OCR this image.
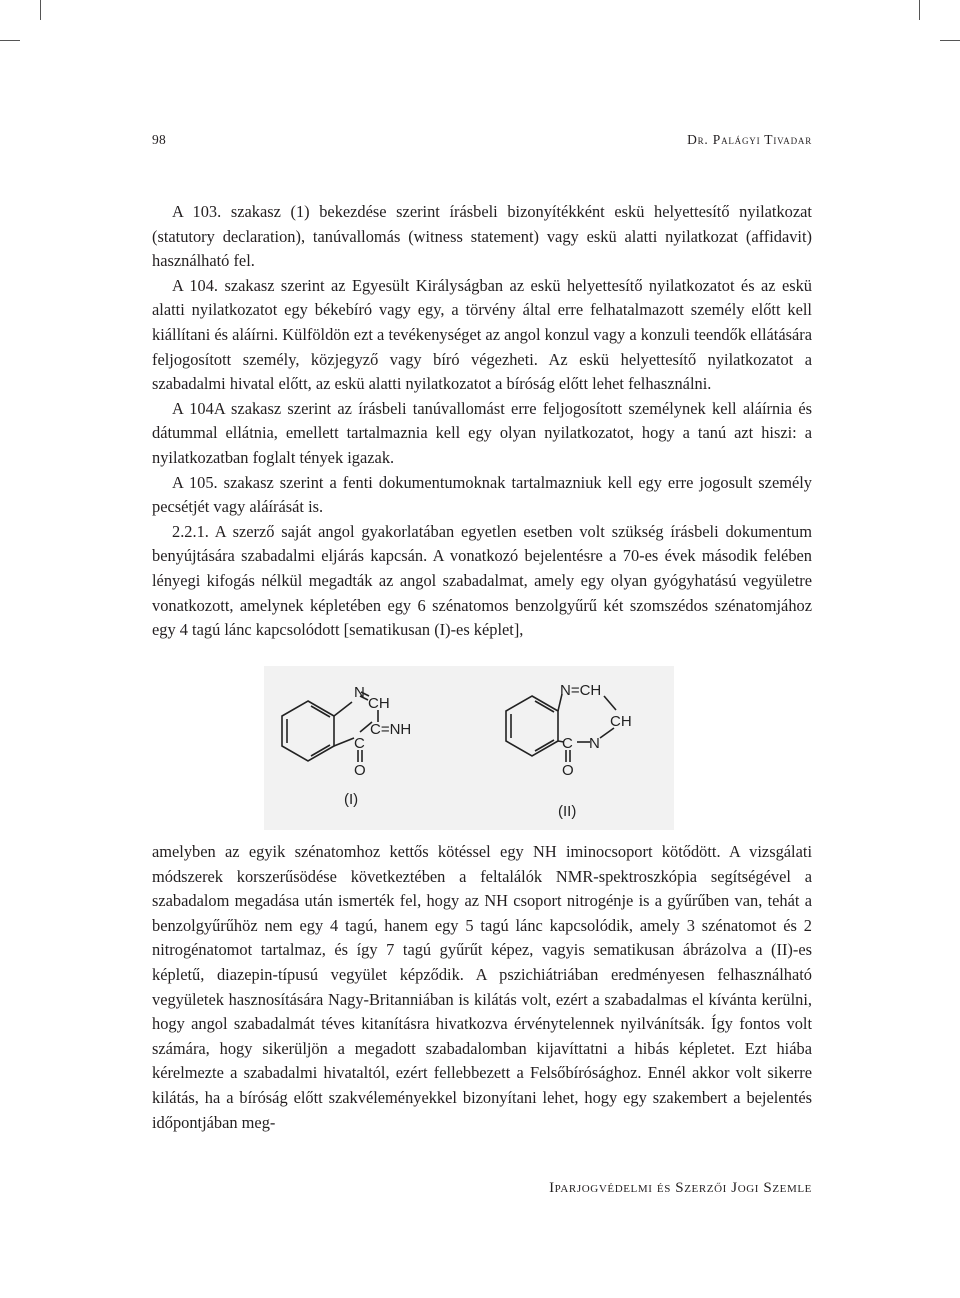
98	Dr. Palágyi Tivadar

A 103. szakasz (1) bekezdése szerint írásbeli bizonyítékként eskü helyettesítő nyilatkozat (statutory declaration), tanúvallomás (witness statement) vagy eskü alatti nyilatkozat (affidavit) használható fel.

A 104. szakasz szerint az Egyesült Királyságban az eskü helyettesítő nyilatkozatot és az eskü alatti nyilatkozatot egy békebíró vagy egy, a törvény által erre felhatalmazott személy előtt kell kiállítani és aláírni. Külföldön ezt a tevékenységet az angol konzul vagy a konzuli teendők ellátására feljogosított személy, közjegyző vagy bíró végezheti. Az eskü helyettesítő nyilatkozatot a szabadalmi hivatal előtt, az eskü alatti nyilatkozatot a bíróság előtt lehet felhasználni.

A 104A szakasz szerint az írásbeli tanúvallomást erre feljogosított személynek kell aláírnia és dátummal ellátnia, emellett tartalmaznia kell egy olyan nyilatkozatot, hogy a tanú azt hiszi: a nyilatkozatban foglalt tények igazak.

A 105. szakasz szerint a fenti dokumentumoknak tartalmazniuk kell egy erre jogosult személy pecsétjét vagy aláírását is.

2.2.1. A szerző saját angol gyakorlatában egyetlen esetben volt szükség írásbeli dokumentum benyújtására szabadalmi eljárás kapcsán. A vonatkozó bejelentésre a 70-es évek második felében lényegi kifogás nélkül megadták az angol szabadalmat, amely egy olyan gyógyhatású vegyületre vonatkozott, amelynek képletében egy 6 szénatomos benzolgyűrű két szomszédos szénatomjához egy 4 tagú lánc kapcsolódott [sematikusan (I)-es képlet],

N
CH
C=NH
C
O
(I)
N=CH
CH
C N
O
(II)

amelyben az egyik szénatomhoz kettős kötéssel egy NH iminocsoport kötődött. A vizsgálati módszerek korszerűsödése következtében a feltalálók NMR-spektroszkópia segítségével a szabadalom megadása után ismerték fel, hogy az NH csoport nitrogénje is a gyűrűben van, tehát a benzolgyűrűhöz nem egy 4 tagú, hanem egy 5 tagú lánc kapcsolódik, amely 3 szénatomot és 2 nitrogénatomot tartalmaz, és így 7 tagú gyűrűt képez, vagyis sematikusan ábrázolva a (II)-es képletű, diazepin-típusú vegyület képződik. A pszichiátriában eredményesen felhasználható vegyületek hasznosítására Nagy-Britanniában is kilátás volt, ezért a szabadalmas el kívánta kerülni, hogy angol szabadalmát téves kitanításra hivatkozva érvénytelennek nyilvánítsák. Így fontos volt számára, hogy sikerüljön a megadott szabadalomban kijavíttatni a hibás képletet. Ezt hiába kérelmezte a szabadalmi hivataltól, ezért fellebbezett a Felsőbírósághoz. Ennél akkor volt sikerre kilátás, ha a bíróság előtt szakvéleményekkel bizonyítani lehet, hogy egy szakembert a bejelentés időpontjában meg-

Iparjogvédelmi és Szerzői Jogi Szemle
